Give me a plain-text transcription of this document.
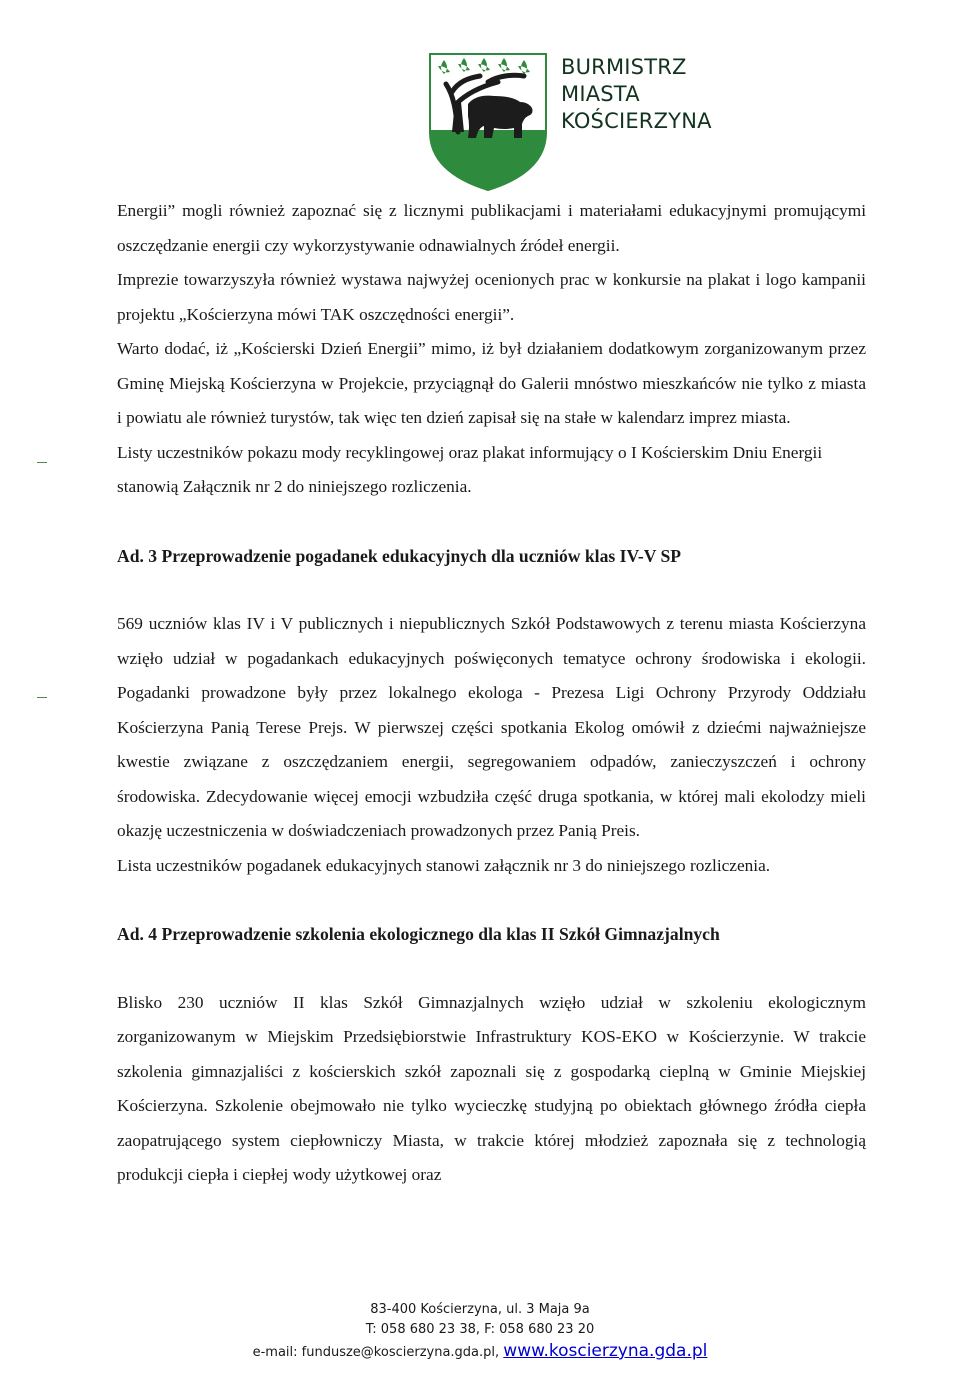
BURMISTRZ
MIASTA
KOŚCIERZYNA

Energii” mogli również zapoznać się z licznymi publikacjami i materiałami edukacyjnymi promującymi oszczędzanie energii czy wykorzystywanie odnawialnych źródeł energii.

Imprezie towarzyszyła również wystawa najwyżej ocenionych prac w konkursie na plakat i logo kampanii projektu „Kościerzyna mówi TAK oszczędności energii”.

Warto dodać, iż „Kościerski Dzień Energii” mimo, iż był działaniem dodatkowym zorganizowanym przez Gminę Miejską Kościerzyna w Projekcie, przyciągnął do Galerii mnóstwo mieszkańców nie tylko z miasta i powiatu ale również turystów, tak więc ten dzień zapisał się na stałe w kalendarz imprez miasta.

Listy uczestników pokazu mody recyklingowej oraz plakat informujący o I Kościerskim Dniu Energii stanowią Załącznik nr 2 do niniejszego rozliczenia.

Ad. 3 Przeprowadzenie pogadanek edukacyjnych dla uczniów klas IV-V SP

569 uczniów klas IV i V publicznych i niepublicznych Szkół Podstawowych z terenu miasta Kościerzyna wzięło udział w pogadankach edukacyjnych poświęconych tematyce ochrony środowiska i ekologii. Pogadanki prowadzone były przez lokalnego ekologa - Prezesa Ligi Ochrony Przyrody Oddziału Kościerzyna Panią Terese Prejs. W pierwszej części spotkania Ekolog omówił z dziećmi najważniejsze kwestie związane z oszczędzaniem energii, segregowaniem odpadów, zanieczyszczeń i ochrony środowiska. Zdecydowanie więcej emocji wzbudziła część druga spotkania, w której mali ekolodzy mieli okazję uczestniczenia w doświadczeniach prowadzonych przez Panią Preis.

Lista uczestników pogadanek edukacyjnych stanowi załącznik nr 3 do niniejszego rozliczenia.

Ad. 4 Przeprowadzenie szkolenia ekologicznego dla klas II Szkół Gimnazjalnych

Blisko 230 uczniów II klas Szkół Gimnazjalnych wzięło udział w szkoleniu ekologicznym zorganizowanym w Miejskim Przedsiębiorstwie Infrastruktury KOS-EKO w Kościerzynie. W trakcie szkolenia gimnazjaliści z kościerskich szkół zapoznali się z gospodarką cieplną w Gminie Miejskiej Kościerzyna. Szkolenie obejmowało nie tylko wycieczkę studyjną po obiektach głównego źródła ciepła zaopatrującego system ciepłowniczy Miasta, w trakcie której młodzież zapoznała się z technologią produkcji ciepła i ciepłej wody użytkowej oraz

83-400 Kościerzyna, ul. 3 Maja 9a
T: 058 680 23 38, F: 058 680 23 20
e-mail: fundusze@koscierzyna.gda.pl, www.koscierzyna.gda.pl
